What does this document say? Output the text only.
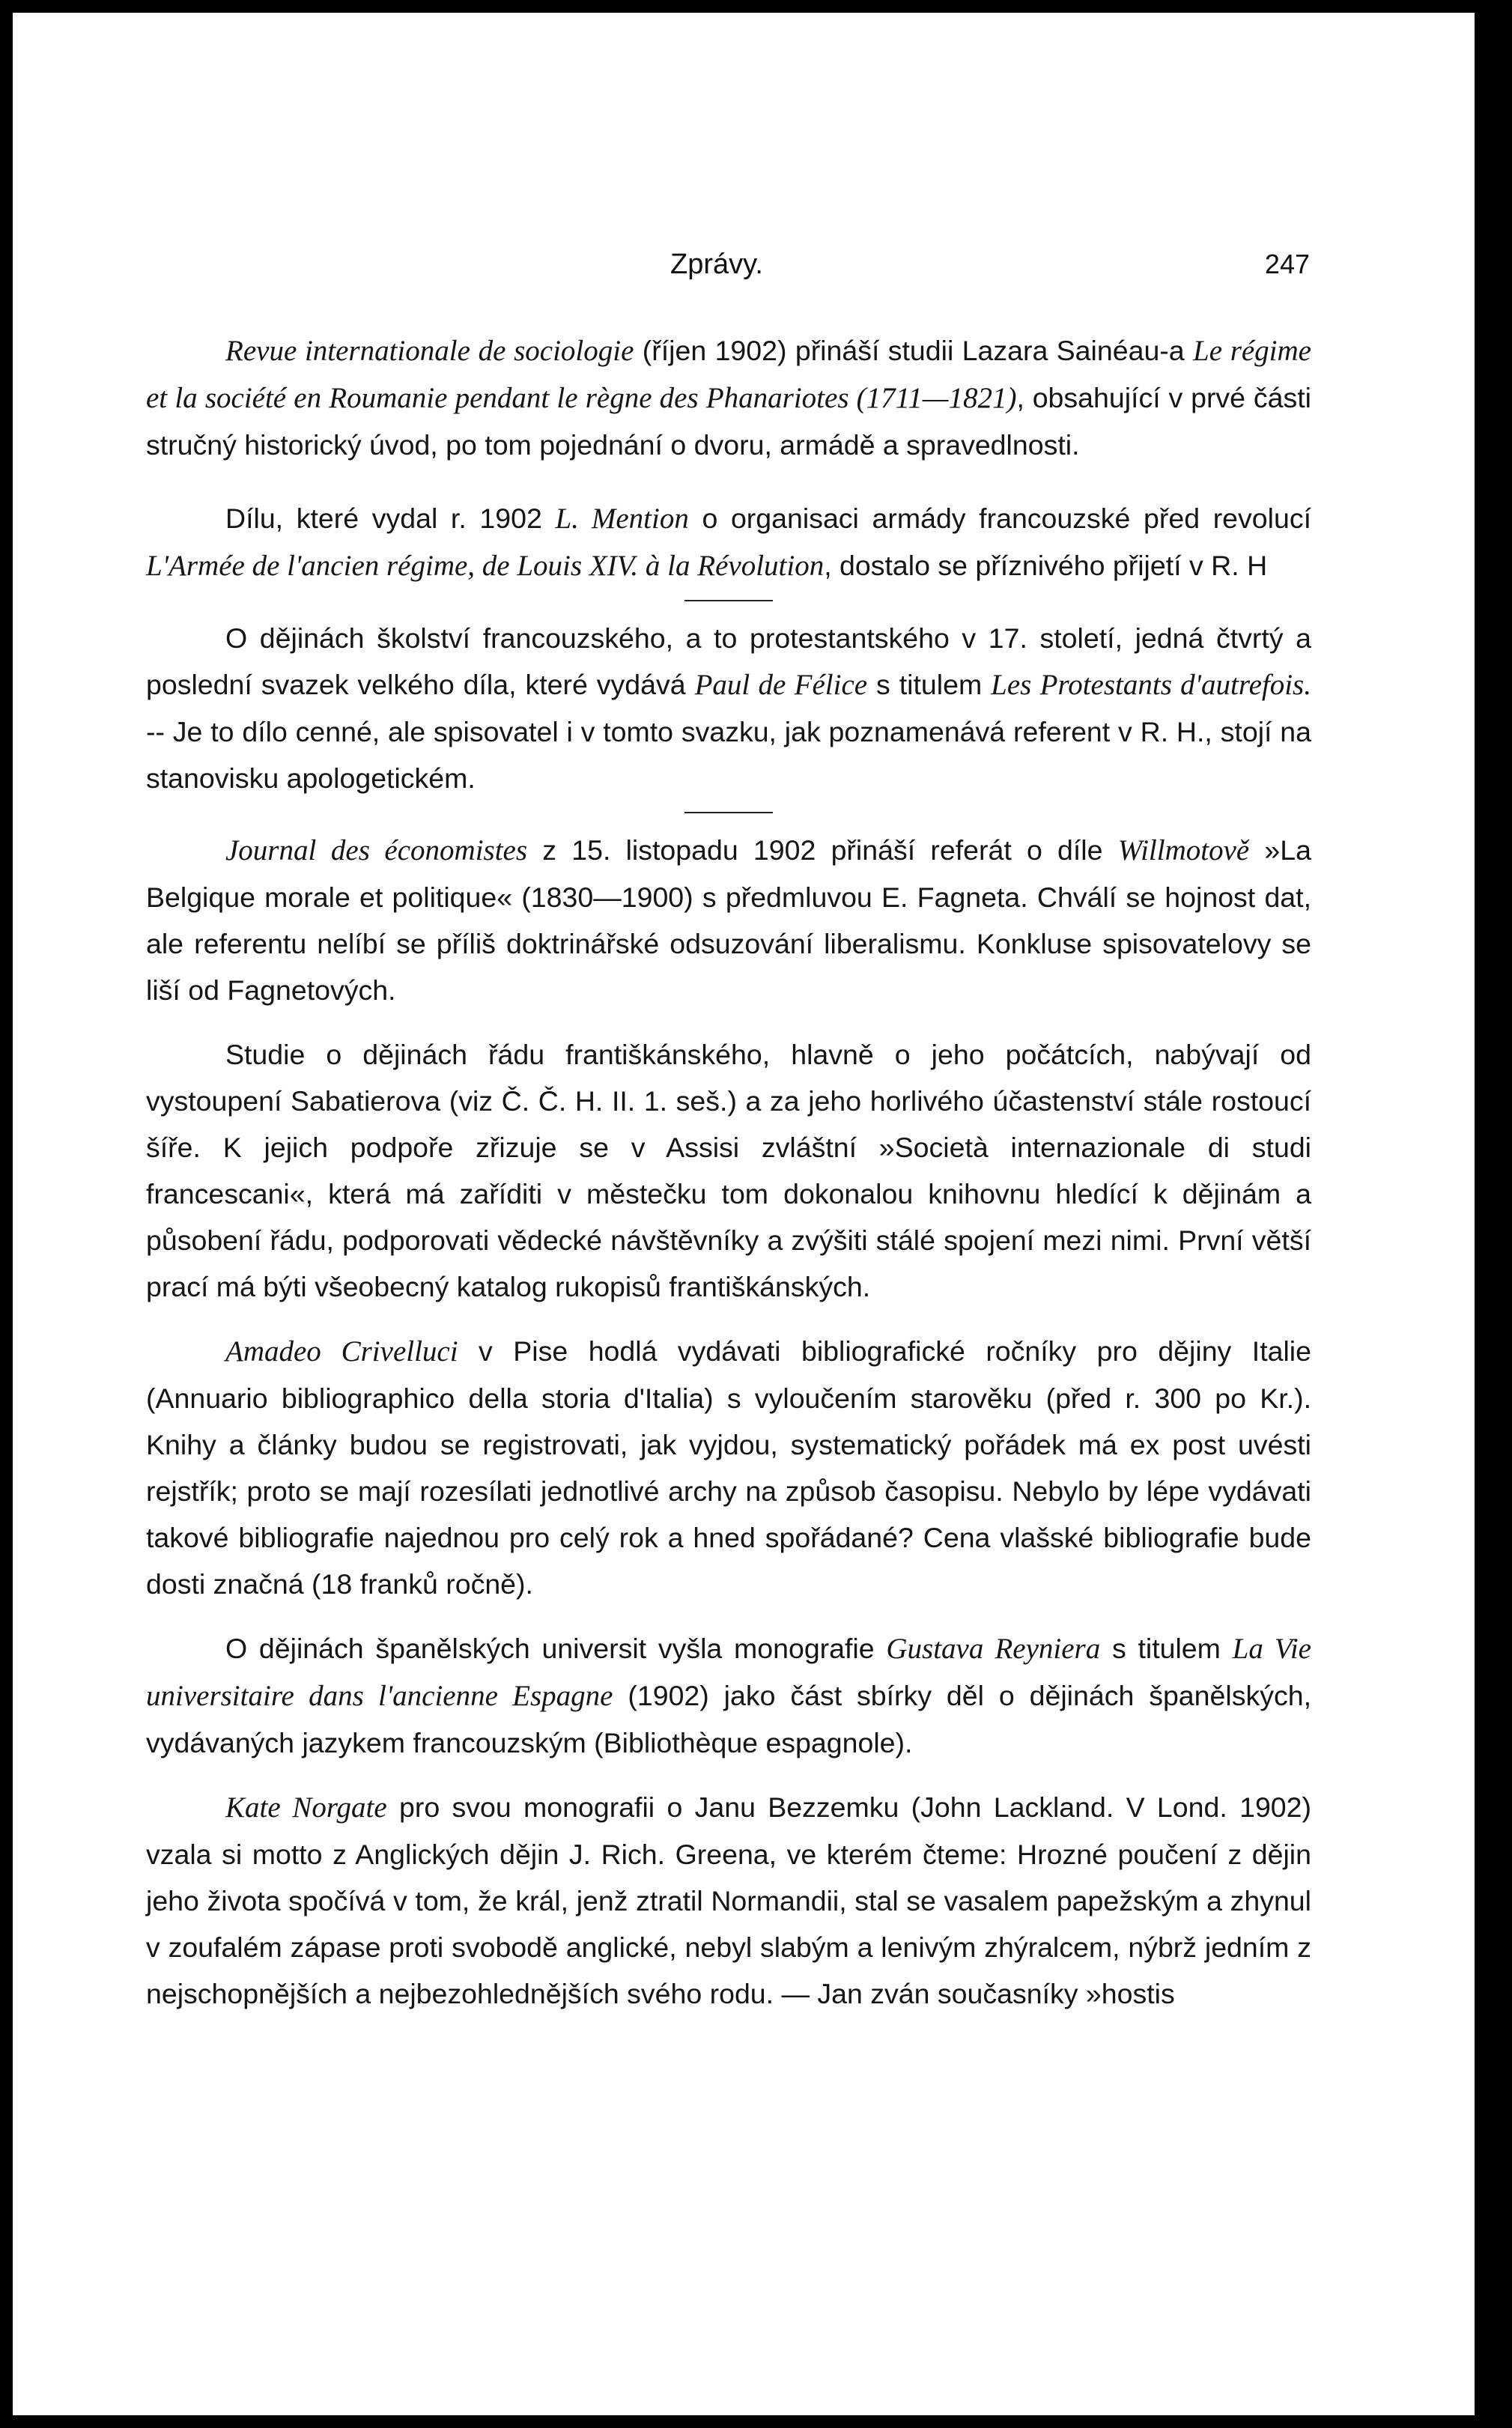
Zprávy.	247

Revue internationale de sociologie (říjen 1902) přináší studii Lazara Sainéau-a Le régime et la société en Roumanie pendant le règne des Phanariotes (1711—1821), obsahující v prvé části stručný historický úvod, po tom pojednání o dvoru, armádě a spravedlnosti.

Dílu, které vydal r. 1902 L. Mention o organisaci armády francouzské před revolucí L'Armée de l'ancien régime, de Louis XIV. à la Révolution, dostalo se příznivého přijetí v R. H

O dějinách školství francouzského, a to protestantského v 17. století, jedná čtvrtý a poslední svazek velkého díla, které vydává Paul de Félice s titulem Les Protestants d'autrefois. -- Je to dílo cenné, ale spisovatel i v tomto svazku, jak poznamenává referent v R. H., stojí na stanovisku apologetickém.

Journal des économistes z 15. listopadu 1902 přináší referát o díle Willmotově »La Belgique morale et politique« (1830—1900) s předmluvou E. Fagneta. Chválí se hojnost dat, ale referentu nelíbí se příliš doktrinářské odsuzování liberalismu. Konkluse spisovatelovy se liší od Fagnetových.

Studie o dějinách řádu františkánského, hlavně o jeho počátcích, nabývají od vystoupení Sabatierova (viz Č. Č. H. II. 1. seš.) a za jeho horlivého účastenství stále rostoucí šíře. K jejich podpoře zřizuje se v Assisi zvláštní »Società internazionale di studi francescani«, která má zaříditi v městečku tom dokonalou knihovnu hledící k dějinám a působení řádu, podporovati vědecké návštěvníky a zvýšiti stálé spojení mezi nimi. První větší prací má býti všeobecný katalog rukopisů františkánských.

Amadeo Crivelluci v Pise hodlá vydávati bibliografické ročníky pro dějiny Italie (Annuario bibliographico della storia d'Italia) s vyloučením starověku (před r. 300 po Kr.). Knihy a články budou se registrovati, jak vyjdou, systematický pořádek má ex post uvésti rejstřík; proto se mají rozesílati jednotlivé archy na způsob časopisu. Nebylo by lépe vydávati takové bibliografie najednou pro celý rok a hned spořádané? Cena vlašské bibliografie bude dosti značná (18 franků ročně).

O dějinách španělských universit vyšla monografie Gustava Reyniera s titulem La Vie universitaire dans l'ancienne Espagne (1902) jako část sbírky děl o dějinách španělských, vydávaných jazykem francouzským (Bibliothèque espagnole).

Kate Norgate pro svou monografii o Janu Bezzemku (John Lackland. V Lond. 1902) vzala si motto z Anglických dějin J. Rich. Greena, ve kterém čteme: Hrozné poučení z dějin jeho života spočívá v tom, že král, jenž ztratil Normandii, stal se vasalem papežským a zhynul v zoufalém zápase proti svobodě anglické, nebyl slabým a lenivým zhýralcem, nýbrž jedním z nejschopnějších a nejbezohlednějších svého rodu. — Jan zván současníky »hostis
